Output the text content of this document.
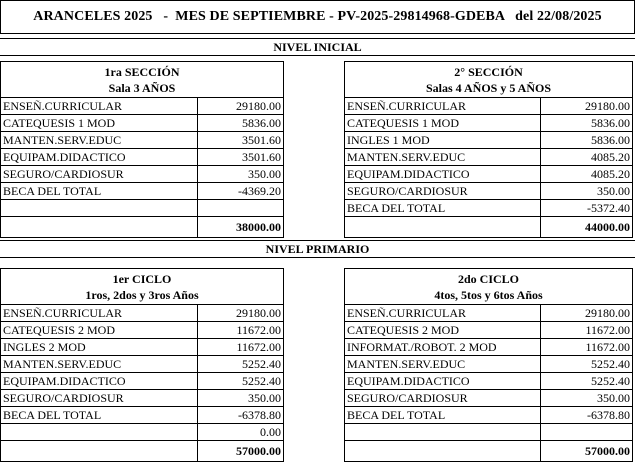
ARANCELES 2025   -  MES DE SEPTIEMBRE - PV-2025-29814968-GDEBA   del 22/08/2025
NIVEL INICIAL
1ra SECCIÓN
Sala 3 AÑOS	

ENSEÑ.CURRICULAR	29180.00
CATEQUESIS 1 MOD	5836.00
MANTEN.SERV.EDUC	3501.60
EQUIPAM.DIDACTICO	3501.60
SEGURO/CARDIOSUR	350.00
BECA DEL TOTAL	-4369.20

	38000.00
2° SECCIÓN
Salas 4 AÑOS y 5 AÑOS	

ENSEÑ.CURRICULAR	29180.00
CATEQUESIS 1 MOD	5836.00
INGLES 1 MOD	5836.00
MANTEN.SERV.EDUC	4085.20
EQUIPAM.DIDACTICO	4085.20
SEGURO/CARDIOSUR	350.00
BECA DEL TOTAL	-5372.40
	44000.00
NIVEL PRIMARIO
1er CICLO
1ros, 2dos y 3ros Años	

ENSEÑ.CURRICULAR	29180.00
CATEQUESIS 2 MOD	11672.00
INGLES 2 MOD	11672.00
MANTEN.SERV.EDUC	5252.40
EQUIPAM.DIDACTICO	5252.40
SEGURO/CARDIOSUR	350.00
BECA DEL TOTAL	-6378.80
	0.00
	57000.00
2do CICLO
4tos, 5tos y 6tos Años	

ENSEÑ.CURRICULAR	29180.00
CATEQUESIS 2 MOD	11672.00
INFORMAT./ROBOT. 2 MOD	11672.00
MANTEN.SERV.EDUC	5252.40
EQUIPAM.DIDACTICO	5252.40
SEGURO/CARDIOSUR	350.00
BECA DEL TOTAL	-6378.80

	57000.00
